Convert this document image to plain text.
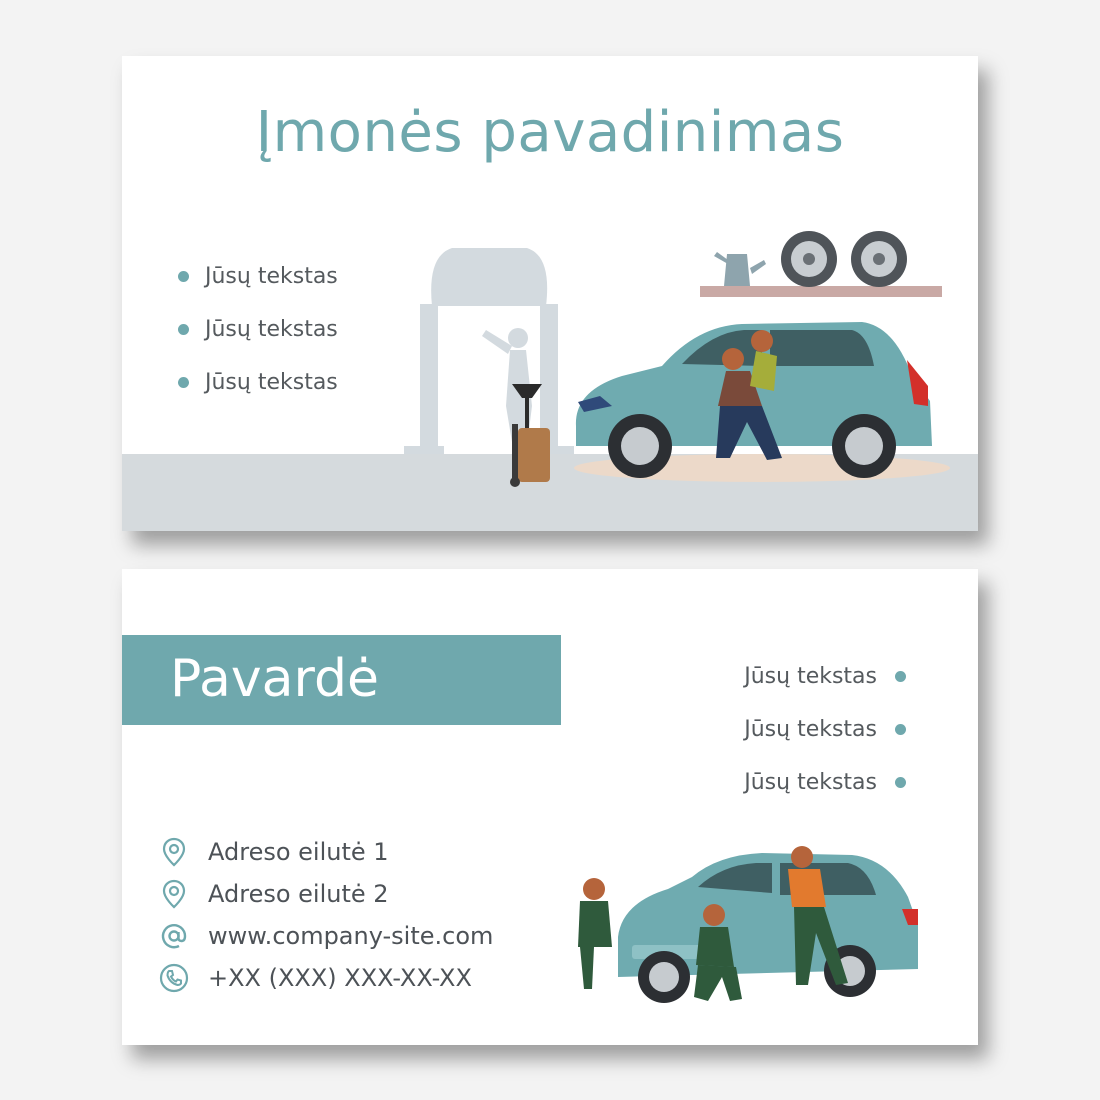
Įmonės pavadinimas
Jūsų tekstas
Jūsų tekstas
Jūsų tekstas
Pavardė	Jūsų tekstas
Jūsų tekstas
Jūsų tekstas
Adreso eilutė 1
Adreso eilutė 2
www.company-site.com
+XX (XXX) XXX-XX-XX
